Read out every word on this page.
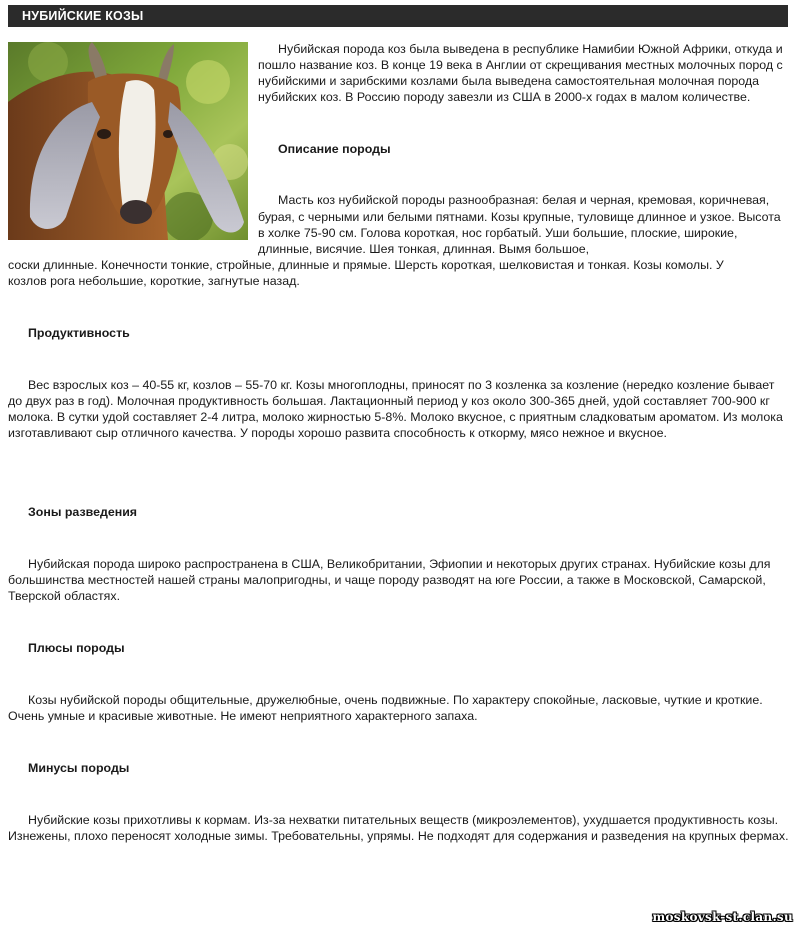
НУБИЙСКИЕ КОЗЫ

Нубийская порода коз была выведена в республике Намибии Южной Африки, откуда и пошло название коз. В конце 19 века в Англии от скрещивания местных молочных пород с нубийскими и зарибскими козлами была выведена самостоятельная молочная порода нубийских коз. В Россию породу завезли из США в 2000-х годах в малом количестве.

Описание породы

Масть коз нубийской породы разнообразная: белая и черная, кремовая, коричневая, бурая, с черными или белыми пятнами. Козы крупные, туловище длинное и узкое. Высота в холке 75-90 см. Голова короткая, нос горбатый. Уши большие, плоские, широкие, длинные, висячие. Шея тонкая, длинная. Вымя большое,

соски длинные. Конечности тонкие, стройные, длинные и прямые. Шерсть короткая, шелковистая и тонкая. Козы комолы. У

козлов рога небольшие, короткие, загнутые назад.

Продуктивность

Вес взрослых коз – 40-55 кг, козлов – 55-70 кг. Козы многоплодны, приносят по 3 козленка за козление (нередко козление бывает до двух раз в год). Молочная продуктивность большая. Лактационный период у коз около 300-365 дней, удой составляет 700-900 кг молока. В сутки удой составляет 2-4 литра, молоко жирностью 5-8%. Молоко вкусное, с приятным сладковатым ароматом. Из молока изготавливают сыр отличного качества. У породы хорошо развита способность к откорму, мясо нежное и вкусное.

Зоны разведения

Нубийская порода широко распространена в США, Великобритании, Эфиопии и некоторых других странах. Нубийские козы для большинства местностей нашей страны малопригодны, и чаще породу разводят на юге России, а также в Московской, Самарской, Тверской областях.

Плюсы породы

Козы нубийской породы общительные, дружелюбные, очень подвижные. По характеру спокойные, ласковые, чуткие и кроткие. Очень умные и красивые животные. Не имеют неприятного характерного запаха.

Минусы породы

Нубийские козы прихотливы к кормам. Из-за нехватки питательных веществ (микроэлементов), ухудшается продуктивность козы. Изнежены, плохо переносят холодные зимы. Требовательны, упрямы. Не подходят для содержания и разведения на крупных фермах.

moskovsk-st.clan.su
